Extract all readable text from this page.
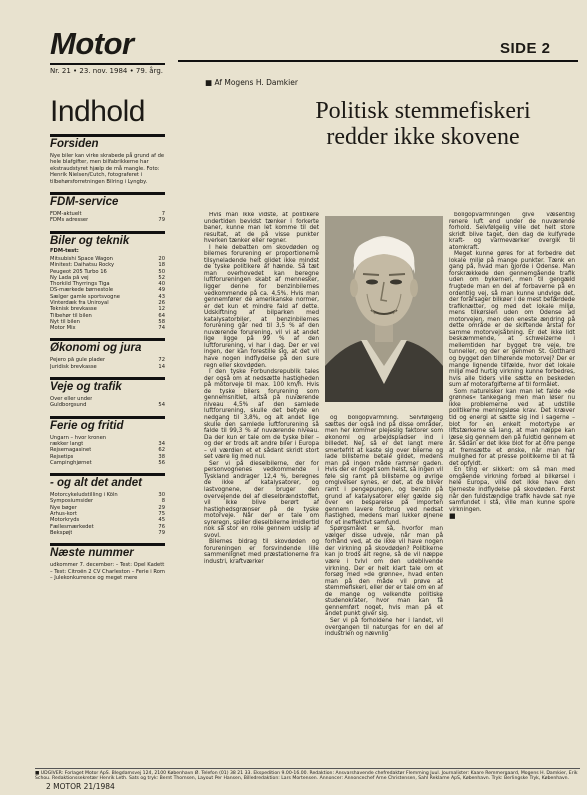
Motor
Nr. 21 • 23. nov. 1984 • 79. årg.
Indhold
Forsiden
Nye biler kan virke skrabede på grund af de hele blafgifter, men bilfabrikkerne har ekstraudstyret hjælp de må mangle. Foto: Henrik Nielsen/Cutch, fotograferet i tilbehørsforretningen Bilring i Lyngby.
FDM-service
FDM-aktuelt	7
FDMs adresser	79
Biler og teknik
FDM-test:
Mitsubishi Space Wagon	20
Minitest: Daihatsu Rocky	18
Peugeot 205 Turbo 16	50
Ny Lada på vej	52
Thorkild Thyrrings Tiga	40
DS-mærkede børnestole	49
Sælger gamle sportsvogne	43
Vinterdæk fra Uniroyal	26
Teknisk brevkasse	12
Tilbehør til bilen	64
Nyt til bilen	58
Motor Mix	74
Økonomi og jura
Pejero på gule plader	72
Juridisk brevkasse	14
Veje og trafik
Over eller under
Guldborgsund	54
Ferie og fritid
Ungarn – hvor kronen
rækker langt	34
Rejsemagasinet	62
Rejsetips	38
Campinghjørnet	56
- og alt det andet
Motorcykeludstilling i Köln	30
Symposiumsider	8
Nye bøger	29
Århus-kort	75
Motorkryds	45
Fællesmærkedet	76
Bekspøjt	79
Næste nummer
udkommer 7. december: – Test: Opel Kadett – Test: Citroën 2 CV Charleston – Ferie i Rom – Julekonkurrence og meget mere
SIDE 2
■ Af Mogens H. Damkier
Politisk stemmefiskeri redder ikke skovene

Hvis man ikke vidste, at politikere undertiden bevidst tænker i forkerte baner, kunne man let komme til det resultat, at de på visse punkter hverken tænker eller regner.

I hele debatten om skovdøden og bilernes forurening er proportionerne tilsyneladende helt glidet ikke mindst de tyske politikere af hænde. Så tæt man overhovedet kan beregne luftforureningen skabt af mennesker, ligger denne for benzinbilernes vedkommende på ca. 4,5%. Hvis man gennemfører de amerikanske normer, er det kun et mindre fald af dette. Udskiftning af bilparken med katalysatorbiler, at benzinbilernes forurening går ned til 3,5 % af den nuværende forurening, vil vi at andet lige ligge på 99 % af den luftforurening, vi har i dag. Der er vel ingen, der kan forestille sig, at det vil have nogen indflydelse på den sure regn eller skovdøden.

I den tyske Forbundsrepublik tales der også om at nedsætte hastigheden på motorveje til max. 100 km/h. Hvis de tyske bilers forurening som gennemsnitlet, altså på nuværende niveau 4,5% af den samlede luftforurening, skulle det betyde en nedgang til 3,8%, og alt andet lige skulle den samlede luftforurening så falde til 99,3 % af nuværende niveau. Da der kun er tale om de tyske biler – og der er trods alt andre biler i Europa – vil værdien et et sådant skridt stort set være lig med nul.

Ser vi på dieselbilerne, der for personvognenes vedkommende i Tyskland andrager 12,4 %, beregnes de ikke af katalysatorer, og lastvognene, der bruger den overvejende del af dieselbrændstoffet, vil ikke blive berørt af hastighedsgrænser på de tyske motorveje. Når der er tale om syreregn, spiller dieselbilerne imidlertid nok så stor en rolle gennem udslip af svovl.

Bilernes bidrag til skovdøden og forureningen er forsvindende lille sammenlignet med præstationerne fra industri, kraftværker

og boligopvarmning. Selvfølgelig sættes der også ind på disse områder, men her kommer plejeslig faktorer som økonomi og arbejdspladser ind i billedet. Nej, så er det langt mere smertefrit at kaste sig over bilerne og lade bilisterne betale gildet, medens man på ingen måde rammer gaden. Hvis der er noget som helst, så ingen vil føle sig ramt på bilisterne og øvrige omgivelser synes, er det, at de bliver ramt i pengepungen, og benzin på grund af katalysatorer eller gælde sig over en besparelse på importen gennem lavere forbrug ved nedsat hastighed, medens man lukker øjnene for et ineffektivt samfund.

Spørgsmålet er så, hvorfor man vælger disse udveje, når man på forhånd ved, at de ikke vil have nogen der virkning på skovdøden? Politikerne kan jo trods alt regne, så de vil næppe være i tvivl om den udeblivende virkning. Der er helt klart tale om et forsøg med »de grønne«, hvad enten man på den måde vil prøve at stemmefiskeri, eller der er tale om en af de mange og velkendte politiske studenokrater, hvor man kan få gennemført noget, hvis man på et andet punkt giver sig.

Ser vi på forholdene her i landet, vil overgangen til naturgas for en del af industrien og nævnlig

boligopvarmningen give væsentlig renere luft end under de nuværende forhold. Selvfølgelig ville det helt store skridt blive taget, den dag de kulfyrede kraft- og varmeværker overgik til atomkraft.

Meget kunne gøres for at forbedre det lokale miljø på mange punkter. Tænk en gang på, hvad man gjorde i Odense. Man forskrækkede den gennemgående trafik uden om bykernen, men til gengæld frugtede man en del af forbaverne på en ordentlig vej, så man kunne undvige det, der forårsager bilkøer i de mest befærdede trafiknætter, og med det lokale miljø, mens tilkørslen uden om Odense ad motorvejen, men den eneste ændring på dette område er de skiftende årstal for samme motorvejsåbning. Er det ikke lidt beskæmmende, at schweizerne i mellemtiden har bygget tre veje, tre tunneller, og der er genmen St. Gotthard og bygget den tilhørende motorvej? Der er mange lignende tilfælde, hvor det lokale miljø med hurtig virkning kunne forbedres, hvis alle tiders ville sætte en beskeden sum af motorafgifterne af til formålet.

Som naturelsker kan man let falde »de grønnes« tankegang men man løser nu ikke problemerne ved at udstille politikerne meningsløse krav. Det kræver tid og energi at sætte sig ind i sagerne – blot for en enkelt motortype er liftstærkerne så lang, at man næppe kan læse sig gennem den på fuldtid gennem et år. Sådan er det ikke blot for at ofre penge at fremsætte et ønske, når man har mulighed for at presse politikerne til at få det opfyldt.

En ting er sikkert: om så man med omgående virkning forbød al bilkørsel i hele Europa, ville det ikke have den tjerneste indflydelse på skovdøden. Først når den fuldstændige trafik havde sat nye samfundet i stå, ville man kunne spore virkningen.

■
■ UDGIVER: Forlaget Motor ApS. Blegdamsvej 124, 2100 København Ø. Telefon (01) 38 21 33. Ekspedition 9.00-16.00. Redaktion: Ansvarshavende chefredaktør Flemming Juul. Journalister: Kaare Remmergaard, Mogens H. Damkier, Erik Schou. Redaktionssekretær Henrik Leth. Sats og tryk: Bernt Thomsen, Layout Per Hansen, Billedredaktion: Lars Mortensen. Annoncer: Annoncechef Arne Christensen, Sahl Reklame ApS, København. Tryk: Berlingske Tryk, København.
2 MOTOR 21/1984
